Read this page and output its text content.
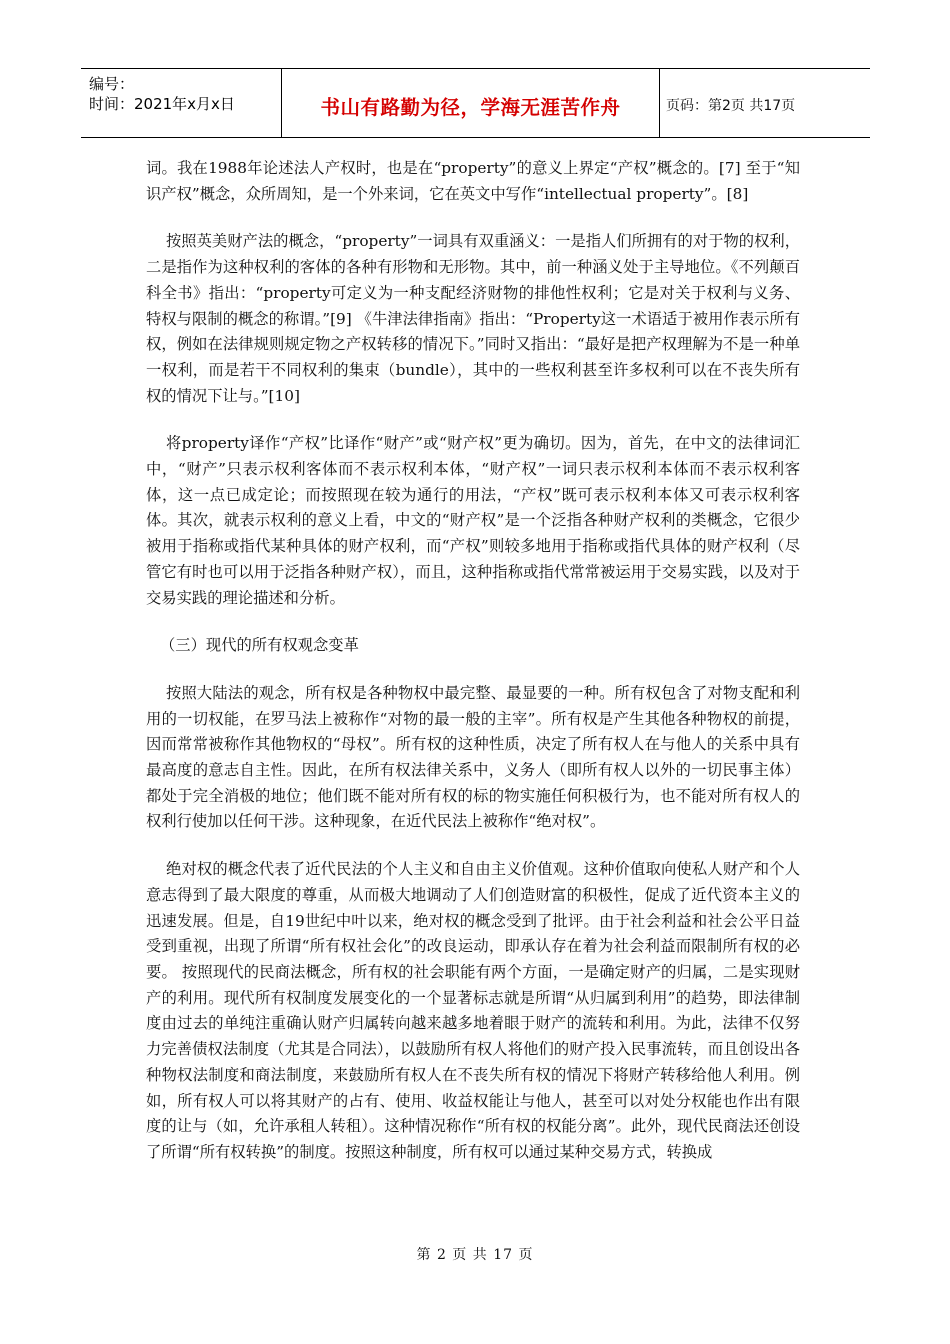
编号：
时间：2021年x月x日	书山有路勤为径，学海无涯苦作舟	页码：第2页 共17页

词。我在1988年论述法人产权时，也是在“property”的意义上界定“产权”概念的。[7] 至于“知识产权”概念，众所周知，是一个外来词，它在英文中写作“intellectual property”。[8]

按照英美财产法的概念，“property”一词具有双重涵义：一是指人们所拥有的对于物的权利，二是指作为这种权利的客体的各种有形物和无形物。其中，前一种涵义处于主导地位。《不列颠百科全书》指出：“property可定义为一种支配经济财物的排他性权利；它是对关于权利与义务、特权与限制的概念的称谓。”[9] 《牛津法律指南》指出：“Property这一术语适于被用作表示所有权，例如在法律规则规定物之产权转移的情况下。”同时又指出：“最好是把产权理解为不是一种单一权利，而是若干不同权利的集束（bundle），其中的一些权利甚至许多权利可以在不丧失所有权的情况下让与。”[10]

将property译作“产权”比译作“财产”或“财产权”更为确切。因为，首先，在中文的法律词汇中，“财产”只表示权利客体而不表示权利本体，“财产权”一词只表示权利本体而不表示权利客体，这一点已成定论；而按照现在较为通行的用法，“产权”既可表示权利本体又可表示权利客体。其次，就表示权利的意义上看，中文的“财产权”是一个泛指各种财产权利的类概念，它很少被用于指称或指代某种具体的财产权利，而“产权”则较多地用于指称或指代具体的财产权利（尽管它有时也可以用于泛指各种财产权），而且，这种指称或指代常常被运用于交易实践，以及对于交易实践的理论描述和分析。

（三）现代的所有权观念变革

按照大陆法的观念，所有权是各种物权中最完整、最显要的一种。所有权包含了对物支配和利用的一切权能，在罗马法上被称作“对物的最一般的主宰”。所有权是产生其他各种物权的前提，因而常常被称作其他物权的“母权”。所有权的这种性质，决定了所有权人在与他人的关系中具有最高度的意志自主性。因此，在所有权法律关系中，义务人（即所有权人以外的一切民事主体）都处于完全消极的地位；他们既不能对所有权的标的物实施任何积极行为，也不能对所有权人的权利行使加以任何干涉。这种现象，在近代民法上被称作“绝对权”。

绝对权的概念代表了近代民法的个人主义和自由主义价值观。这种价值取向使私人财产和个人意志得到了最大限度的尊重，从而极大地调动了人们创造财富的积极性，促成了近代资本主义的迅速发展。但是，自19世纪中叶以来，绝对权的概念受到了批评。由于社会利益和社会公平日益受到重视，出现了所谓“所有权社会化”的改良运动，即承认存在着为社会利益而限制所有权的必要。 按照现代的民商法概念，所有权的社会职能有两个方面，一是确定财产的归属，二是实现财产的利用。现代所有权制度发展变化的一个显著标志就是所谓“从归属到利用”的趋势，即法律制度由过去的单纯注重确认财产归属转向越来越多地着眼于财产的流转和利用。为此，法律不仅努力完善债权法制度（尤其是合同法），以鼓励所有权人将他们的财产投入民事流转，而且创设出各种物权法制度和商法制度，来鼓励所有权人在不丧失所有权的情况下将财产转移给他人利用。例如，所有权人可以将其财产的占有、使用、收益权能让与他人，甚至可以对处分权能也作出有限度的让与（如，允许承租人转租）。这种情况称作“所有权的权能分离”。此外，现代民商法还创设了所谓“所有权转换”的制度。按照这种制度，所有权可以通过某种交易方式，转换成

第 2 页 共 17 页
